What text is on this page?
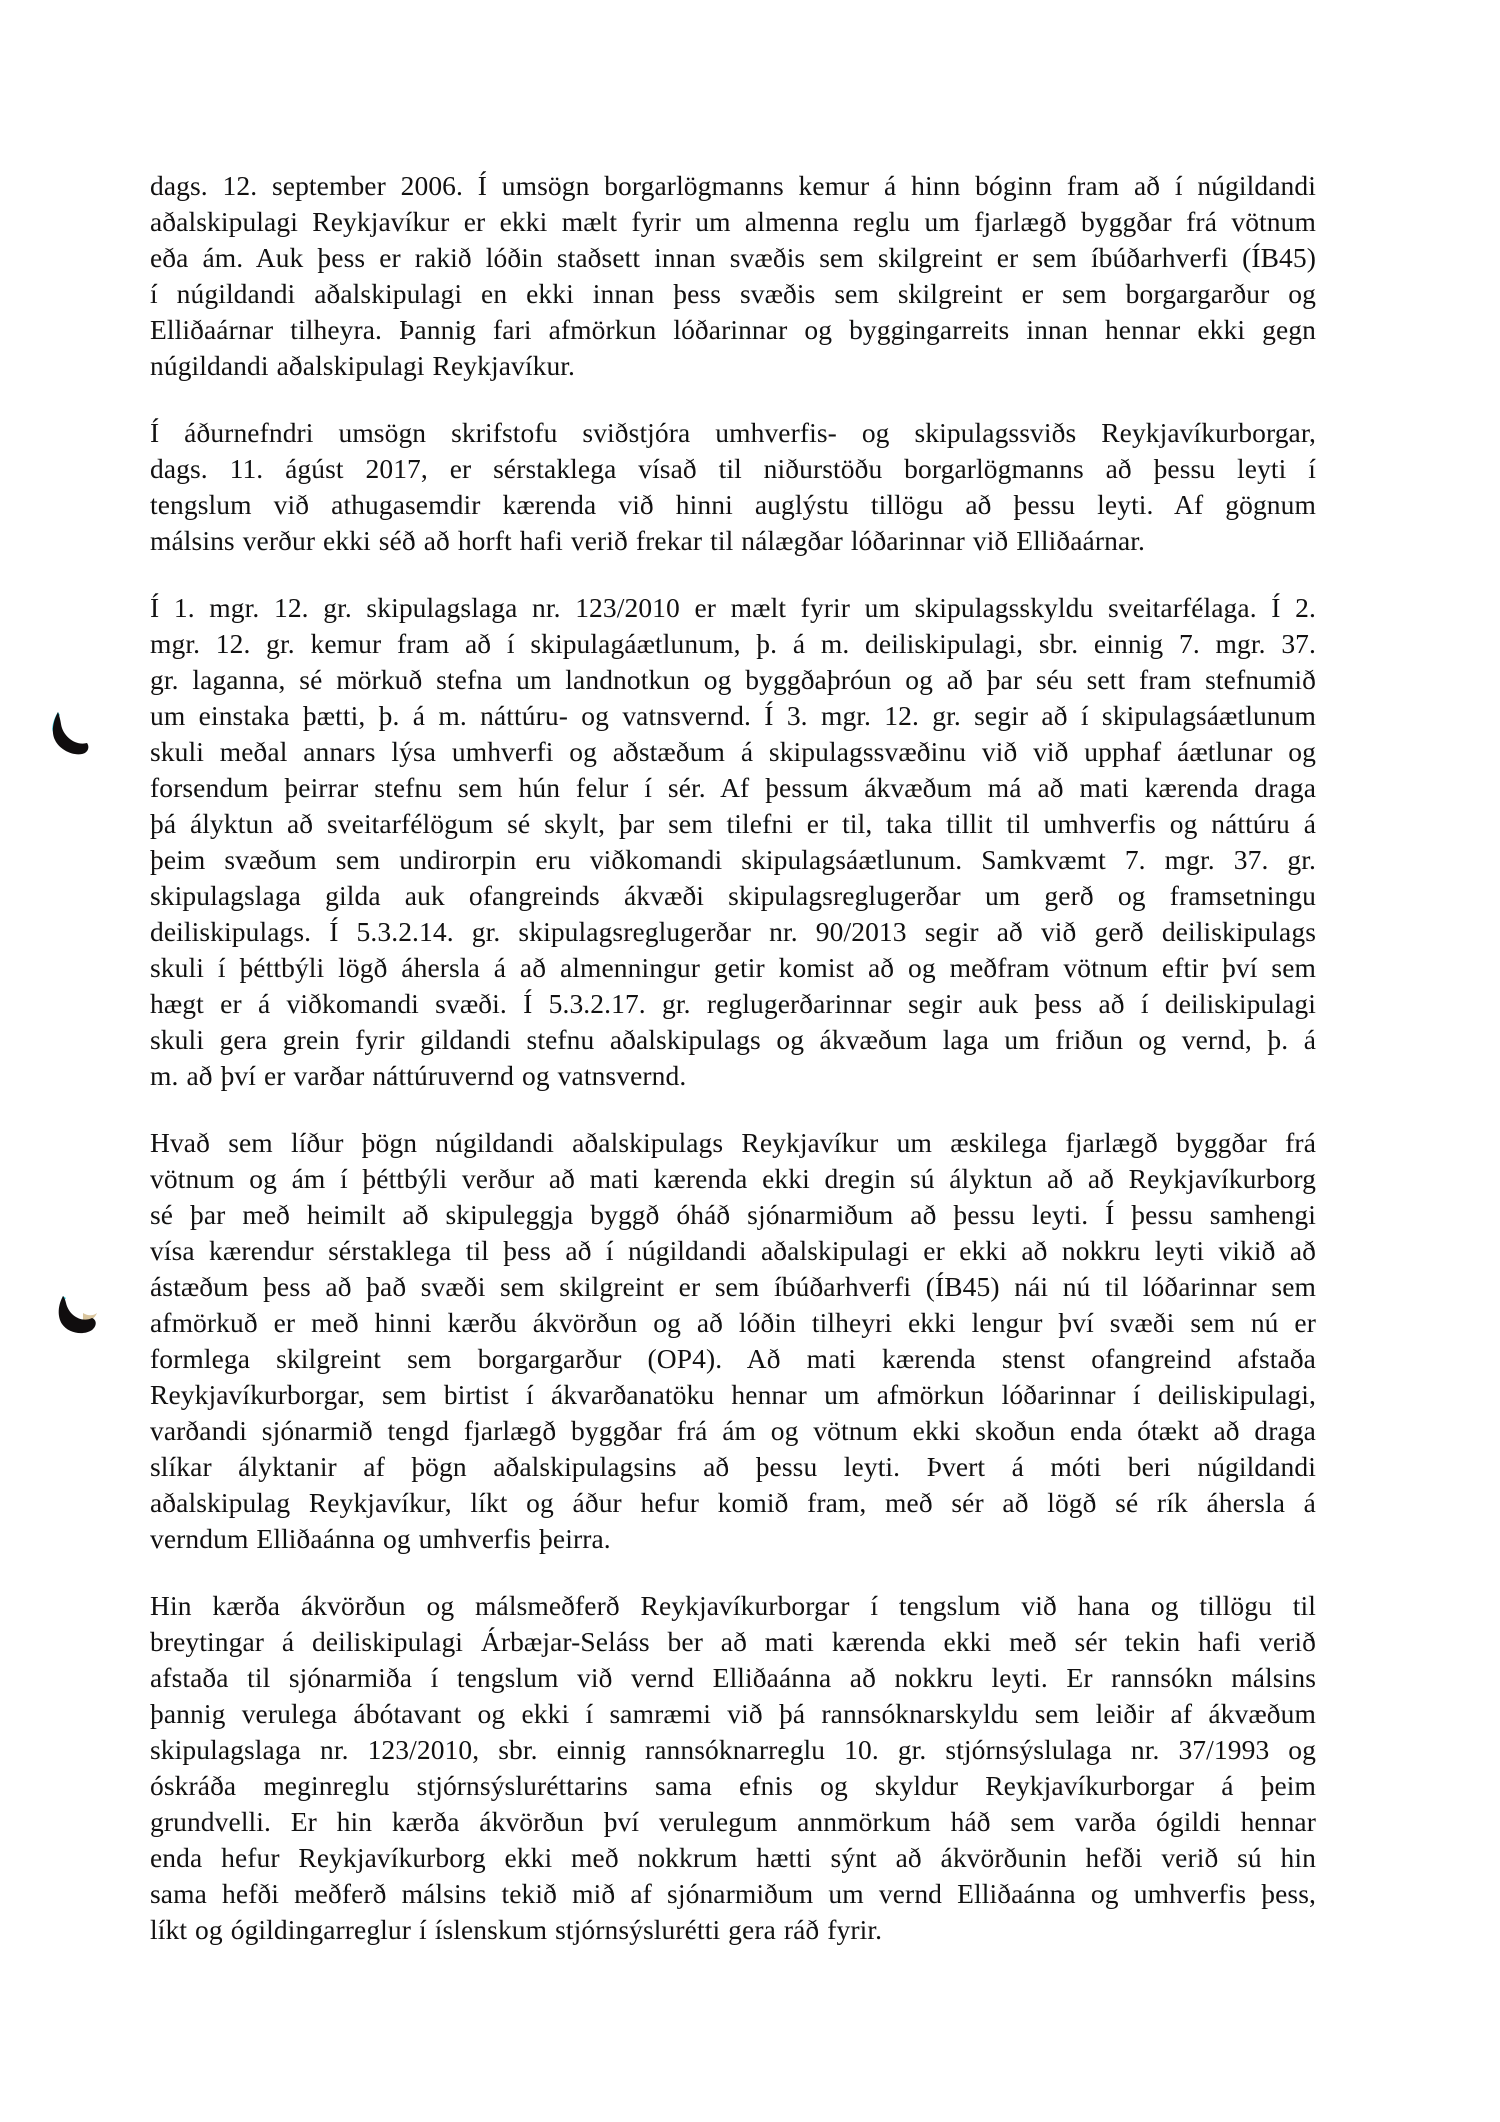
dags. 12. september 2006. Í umsögn borgarlögmanns kemur á hinn bóginn fram að í núgildandi
aðalskipulagi Reykjavíkur er ekki mælt fyrir um almenna reglu um fjarlægð byggðar frá vötnum
eða ám. Auk þess er rakið lóðin staðsett innan svæðis sem skilgreint er sem íbúðarhverfi (ÍB45)
í núgildandi aðalskipulagi en ekki innan þess svæðis sem skilgreint er sem borgargarður og
Elliðaárnar tilheyra. Þannig fari afmörkun lóðarinnar og byggingarreits innan hennar ekki gegn
núgildandi aðalskipulagi Reykjavíkur.
Í áðurnefndri umsögn skrifstofu sviðstjóra umhverfis- og skipulagssviðs Reykjavíkurborgar,
dags. 11. ágúst 2017, er sérstaklega vísað til niðurstöðu borgarlögmanns að þessu leyti í
tengslum við athugasemdir kærenda við hinni auglýstu tillögu að þessu leyti. Af gögnum
málsins verður ekki séð að horft hafi verið frekar til nálægðar lóðarinnar við Elliðaárnar.
Í 1. mgr. 12. gr. skipulagslaga nr. 123/2010 er mælt fyrir um skipulagsskyldu sveitarfélaga. Í 2.
mgr. 12. gr. kemur fram að í skipulagáætlunum, þ. á m. deiliskipulagi, sbr. einnig 7. mgr. 37.
gr. laganna, sé mörkuð stefna um landnotkun og byggðaþróun og að þar séu sett fram stefnumið
um einstaka þætti, þ. á m. náttúru- og vatnsvernd. Í 3. mgr. 12. gr. segir að í skipulagsáætlunum
skuli meðal annars lýsa umhverfi og aðstæðum á skipulagssvæðinu við við upphaf áætlunar og
forsendum þeirrar stefnu sem hún felur í sér. Af þessum ákvæðum má að mati kærenda draga
þá ályktun að sveitarfélögum sé skylt, þar sem tilefni er til, taka tillit til umhverfis og náttúru á
þeim svæðum sem undirorpin eru viðkomandi skipulagsáætlunum. Samkvæmt 7. mgr. 37. gr.
skipulagslaga gilda auk ofangreinds ákvæði skipulagsreglugerðar um gerð og framsetningu
deiliskipulags. Í 5.3.2.14. gr. skipulagsreglugerðar nr. 90/2013 segir að við gerð deiliskipulags
skuli í þéttbýli lögð áhersla á að almenningur getir komist að og meðfram vötnum eftir því sem
hægt er á viðkomandi svæði. Í 5.3.2.17. gr. reglugerðarinnar segir auk þess að í deiliskipulagi
skuli gera grein fyrir gildandi stefnu aðalskipulags og ákvæðum laga um friðun og vernd, þ. á
m. að því er varðar náttúruvernd og vatnsvernd.
Hvað sem líður þögn núgildandi aðalskipulags Reykjavíkur um æskilega fjarlægð byggðar frá
vötnum og ám í þéttbýli verður að mati kærenda ekki dregin sú ályktun að að Reykjavíkurborg
sé þar með heimilt að skipuleggja byggð óháð sjónarmiðum að þessu leyti. Í þessu samhengi
vísa kærendur sérstaklega til þess að í núgildandi aðalskipulagi er ekki að nokkru leyti vikið að
ástæðum þess að það svæði sem skilgreint er sem íbúðarhverfi (ÍB45) nái nú til lóðarinnar sem
afmörkuð er með hinni kærðu ákvörðun og að lóðin tilheyri ekki lengur því svæði sem nú er
formlega skilgreint sem borgargarður (OP4). Að mati kærenda stenst ofangreind afstaða
Reykjavíkurborgar, sem birtist í ákvarðanatöku hennar um afmörkun lóðarinnar í deiliskipulagi,
varðandi sjónarmið tengd fjarlægð byggðar frá ám og vötnum ekki skoðun enda ótækt að draga
slíkar ályktanir af þögn aðalskipulagsins að þessu leyti. Þvert á móti beri núgildandi
aðalskipulag Reykjavíkur, líkt og áður hefur komið fram, með sér að lögð sé rík áhersla á
verndum Elliðaánna og umhverfis þeirra.
Hin kærða ákvörðun og málsmeðferð Reykjavíkurborgar í tengslum við hana og tillögu til
breytingar á deiliskipulagi Árbæjar-Seláss ber að mati kærenda ekki með sér tekin hafi verið
afstaða til sjónarmiða í tengslum við vernd Elliðaánna að nokkru leyti. Er rannsókn málsins
þannig verulega ábótavant og ekki í samræmi við þá rannsóknarskyldu sem leiðir af ákvæðum
skipulagslaga nr. 123/2010, sbr. einnig rannsóknarreglu 10. gr. stjórnsýslulaga nr. 37/1993 og
óskráða meginreglu stjórnsýsluréttarins sama efnis og skyldur Reykjavíkurborgar á þeim
grundvelli. Er hin kærða ákvörðun því verulegum annmörkum háð sem varða ógildi hennar
enda hefur Reykjavíkurborg ekki með nokkrum hætti sýnt að ákvörðunin hefði verið sú hin
sama hefði meðferð málsins tekið mið af sjónarmiðum um vernd Elliðaánna og umhverfis þess,
líkt og ógildingarreglur í íslenskum stjórnsýslurétti gera ráð fyrir.
